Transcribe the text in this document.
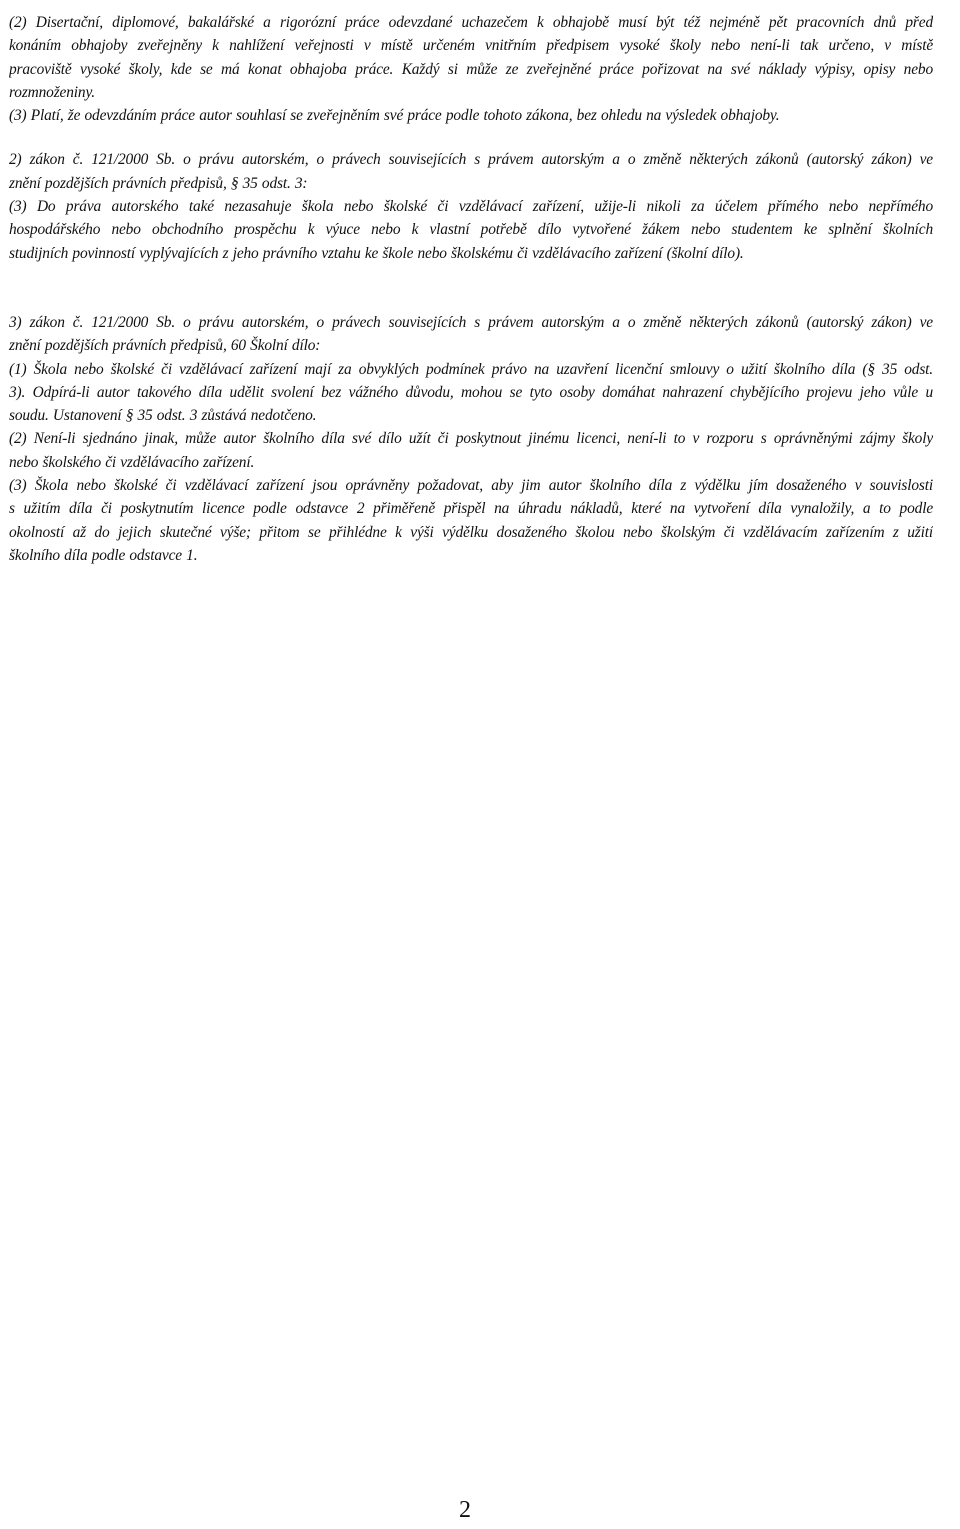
(2) Disertační, diplomové, bakalářské a rigorózní práce odevzdané uchazečem k obhajobě musí být též nejméně pět pracovních dnů před
konáním obhajoby zveřejněny k nahlížení veřejnosti v místě určeném vnitřním předpisem vysoké školy nebo není-li tak určeno, v místě
pracoviště vysoké školy, kde se má konat obhajoba práce. Každý si může ze zveřejněné práce pořizovat na své náklady výpisy, opisy nebo
rozmnoženiny.
(3) Platí, že odevzdáním práce autor souhlasí se zveřejněním své práce podle tohoto zákona, bez ohledu na výsledek obhajoby.
2) zákon č. 121/2000 Sb. o právu autorském, o právech souvisejících s právem autorským a o změně některých zákonů (autorský zákon) ve
znění pozdějších právních předpisů, § 35 odst. 3:
(3) Do práva autorského také nezasahuje škola nebo školské či vzdělávací zařízení, užije-li nikoli za účelem přímého nebo nepřímého
hospodářského nebo obchodního prospěchu k výuce nebo k vlastní potřebě dílo vytvořené žákem nebo studentem ke splnění školních
studijních povinností vyplývajících z jeho právního vztahu ke škole nebo školskému či vzdělávacího zařízení (školní dílo).
3) zákon č. 121/2000 Sb. o právu autorském, o právech souvisejících s právem autorským a o změně některých zákonů (autorský zákon) ve
znění pozdějších právních předpisů, 60 Školní dílo:
(1) Škola nebo školské či vzdělávací zařízení mají za obvyklých podmínek právo na uzavření licenční smlouvy o užití školního díla (§ 35 odst.
3). Odpírá-li autor takového díla udělit svolení bez vážného důvodu, mohou se tyto osoby domáhat nahrazení chybějícího projevu jeho vůle u
soudu. Ustanovení § 35 odst. 3 zůstává nedotčeno.
(2) Není-li sjednáno jinak, může autor školního díla své dílo užít či poskytnout jinému licenci, není-li to v rozporu s oprávněnými zájmy školy
nebo školského či vzdělávacího zařízení.
(3) Škola nebo školské či vzdělávací zařízení jsou oprávněny požadovat, aby jim autor školního díla z výdělku jím dosaženého v souvislosti
s užitím díla či poskytnutím licence podle odstavce 2 přiměřeně přispěl na úhradu nákladů, které na vytvoření díla vynaložily, a to podle
okolností až do jejich skutečné výše; přitom se přihlédne k výši výdělku dosaženého školou nebo školským či vzdělávacím zařízením z užití
školního díla podle odstavce 1.
2
